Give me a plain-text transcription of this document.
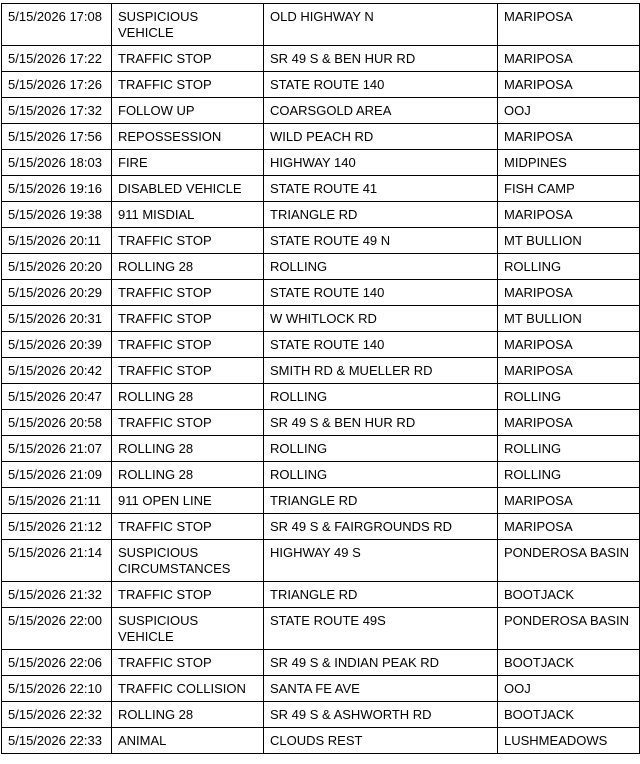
5/15/2026 17:08	SUSPICIOUS VEHICLE	OLD HIGHWAY N	MARIPOSA
5/15/2026 17:22	TRAFFIC STOP	SR 49 S & BEN HUR RD	MARIPOSA
5/15/2026 17:26	TRAFFIC STOP	STATE ROUTE 140	MARIPOSA
5/15/2026 17:32	FOLLOW UP	COARSGOLD AREA	OOJ
5/15/2026 17:56	REPOSSESSION	WILD PEACH RD	MARIPOSA
5/15/2026 18:03	FIRE	HIGHWAY 140	MIDPINES
5/15/2026 19:16	DISABLED VEHICLE	STATE ROUTE 41	FISH CAMP
5/15/2026 19:38	911 MISDIAL	TRIANGLE RD	MARIPOSA
5/15/2026 20:11	TRAFFIC STOP	STATE ROUTE 49 N	MT BULLION
5/15/2026 20:20	ROLLING 28	ROLLING	ROLLING
5/15/2026 20:29	TRAFFIC STOP	STATE ROUTE 140	MARIPOSA
5/15/2026 20:31	TRAFFIC STOP	W WHITLOCK RD	MT BULLION
5/15/2026 20:39	TRAFFIC STOP	STATE ROUTE 140	MARIPOSA
5/15/2026 20:42	TRAFFIC STOP	SMITH RD & MUELLER RD	MARIPOSA
5/15/2026 20:47	ROLLING 28	ROLLING	ROLLING
5/15/2026 20:58	TRAFFIC STOP	SR 49 S & BEN HUR RD	MARIPOSA
5/15/2026 21:07	ROLLING 28	ROLLING	ROLLING
5/15/2026 21:09	ROLLING 28	ROLLING	ROLLING
5/15/2026 21:11	911 OPEN LINE	TRIANGLE RD	MARIPOSA
5/15/2026 21:12	TRAFFIC STOP	SR 49 S & FAIRGROUNDS RD	MARIPOSA
5/15/2026 21:14	SUSPICIOUS CIRCUMSTANCES	HIGHWAY 49 S	PONDEROSA BASIN
5/15/2026 21:32	TRAFFIC STOP	TRIANGLE RD	BOOTJACK
5/15/2026 22:00	SUSPICIOUS VEHICLE	STATE ROUTE 49S	PONDEROSA BASIN
5/15/2026 22:06	TRAFFIC STOP	SR 49 S & INDIAN PEAK RD	BOOTJACK
5/15/2026 22:10	TRAFFIC COLLISION	SANTA FE AVE	OOJ
5/15/2026 22:32	ROLLING 28	SR 49 S & ASHWORTH RD	BOOTJACK
5/15/2026 22:33	ANIMAL	CLOUDS REST	LUSHMEADOWS
